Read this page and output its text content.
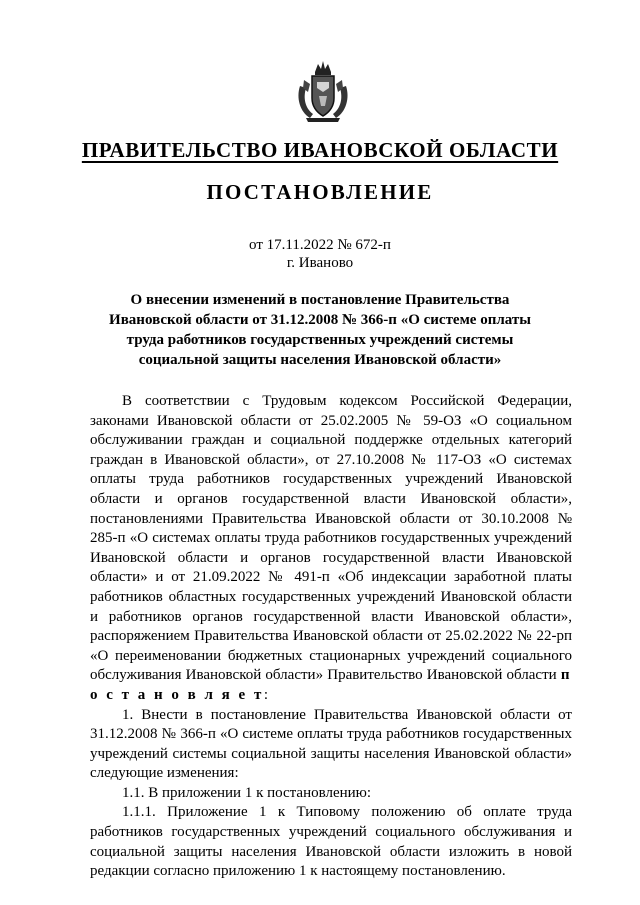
ПРАВИТЕЛЬСТВО ИВАНОВСКОЙ ОБЛАСТИ
ПОСТАНОВЛЕНИЕ
от 17.11.2022 № 672-п
г. Иваново
О внесении изменений в постановление Правительства Ивановской области от 31.12.2008 № 366-п «О системе оплаты труда работников государственных учреждений системы социальной защиты населения Ивановской области»

В соответствии с Трудовым кодексом Российской Федерации, законами Ивановской области от 25.02.2005 № 59-ОЗ «О социальном обслуживании граждан и социальной поддержке отдельных категорий граждан в Ивановской области», от 27.10.2008 № 117-ОЗ «О системах оплаты труда работников государственных учреждений Ивановской области и органов государственной власти Ивановской области», постановлениями Правительства Ивановской области от 30.10.2008 № 285-п «О системах оплаты труда работников государственных учреждений Ивановской области и органов государственной власти Ивановской области» и от 21.09.2022 № 491-п «Об индексации заработной платы работников областных государственных учреждений Ивановской области и работников органов государственной власти Ивановской области», распоряжением Правительства Ивановской области от 25.02.2022 № 22-рп «О переименовании бюджетных стационарных учреждений социального обслуживания Ивановской области» Правительство Ивановской области п о с т а н о в л я е т:

1. Внести в постановление Правительства Ивановской области от 31.12.2008 № 366-п «О системе оплаты труда работников государственных учреждений системы социальной защиты населения Ивановской области» следующие изменения:

1.1. В приложении 1 к постановлению:

1.1.1. Приложение 1 к Типовому положению об оплате труда работников государственных учреждений социального обслуживания и социальной защиты населения Ивановской области изложить в новой редакции согласно приложению 1 к настоящему постановлению.
